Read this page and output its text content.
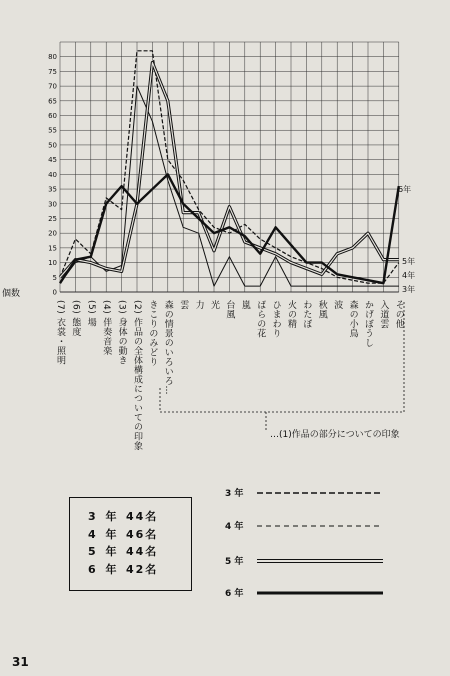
0
5
10
15
20
25
30
35
40
45
50
55
60
65
70
75
80
個数
(7) 衣裳・照明 (6) 態度 (5) 場 (4) 伴奏音楽 (3) 身体の動き (2) 作品の全体構成についての印象 きこりのみどり 森の情景のいろいろ… 雲 力 光 台風 嵐 ばらの花 ひまわり 火の精 わたぼ 秋風 波 森の小鳥 かげぼうし 入道雲 その他
6年
5年
4年
3年
…(1)作品の部分についての印象
3 年 44名
4 年 46名
5 年 44名
6 年 42名
3 年
4 年
5 年
6 年
31
